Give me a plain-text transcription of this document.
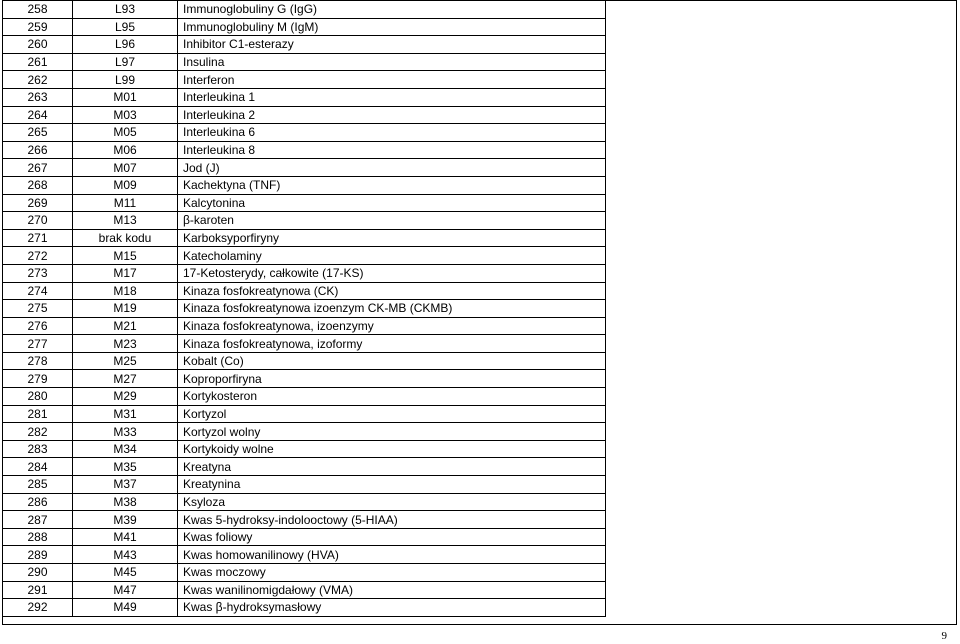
258	L93	Immunoglobuliny G (IgG)
259	L95	Immunoglobuliny M (IgM)
260	L96	Inhibitor C1-esterazy
261	L97	Insulina
262	L99	Interferon
263	M01	Interleukina 1
264	M03	Interleukina 2
265	M05	Interleukina 6
266	M06	Interleukina 8
267	M07	Jod (J)
268	M09	Kachektyna (TNF)
269	M11	Kalcytonina
270	M13	β-karoten
271	brak kodu	Karboksyporfiryny
272	M15	Katecholaminy
273	M17	17-Ketosterydy, całkowite (17-KS)
274	M18	Kinaza fosfokreatynowa (CK)
275	M19	Kinaza fosfokreatynowa izoenzym CK-MB (CKMB)
276	M21	Kinaza fosfokreatynowa, izoenzymy
277	M23	Kinaza fosfokreatynowa, izoformy
278	M25	Kobalt (Co)
279	M27	Koproporfiryna
280	M29	Kortykosteron
281	M31	Kortyzol
282	M33	Kortyzol wolny
283	M34	Kortykoidy wolne
284	M35	Kreatyna
285	M37	Kreatynina
286	M38	Ksyloza
287	M39	Kwas 5-hydroksy-indolooctowy (5-HIAA)
288	M41	Kwas foliowy
289	M43	Kwas homowanilinowy (HVA)
290	M45	Kwas moczowy
291	M47	Kwas wanilinomigdałowy (VMA)
292	M49	Kwas β-hydroksymasłowy
9
